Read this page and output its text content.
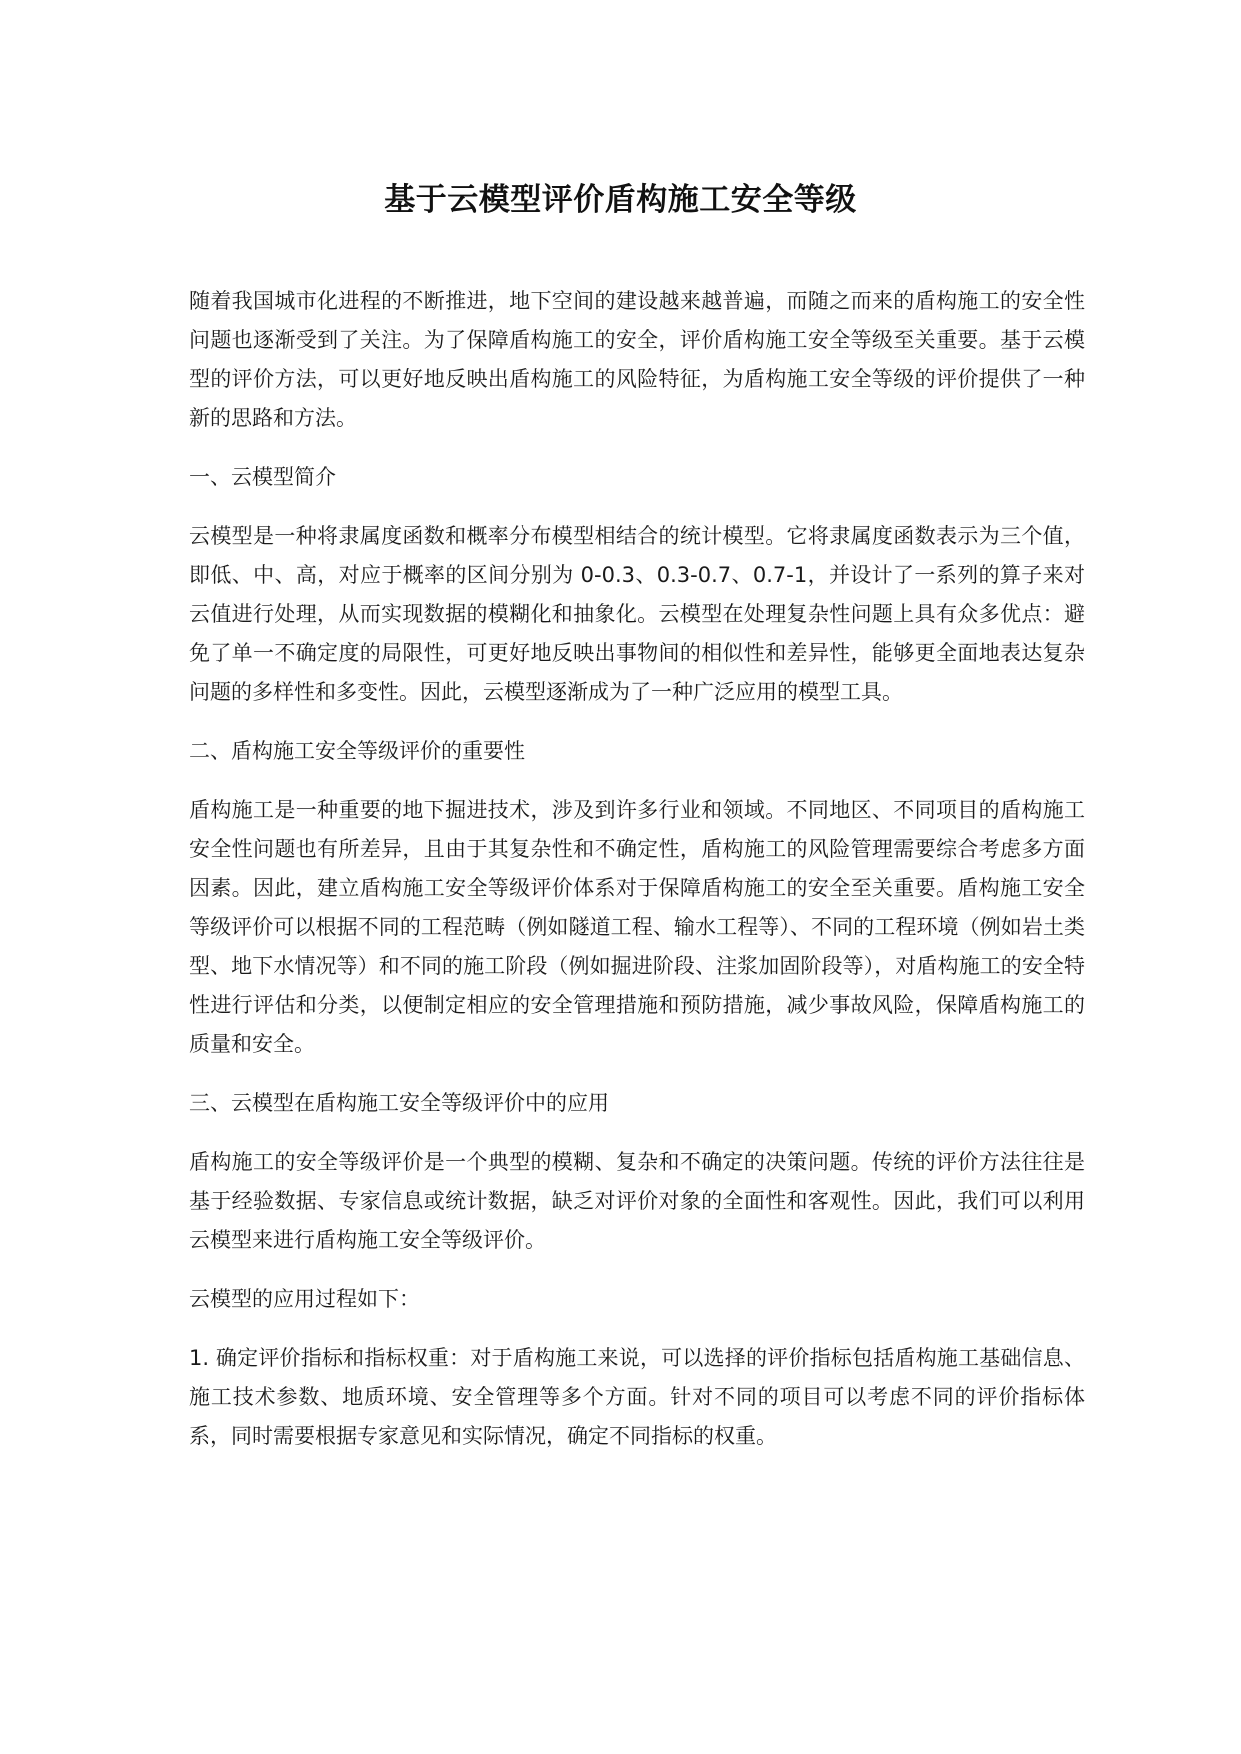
基于云模型评价盾构施工安全等级

随着我国城市化进程的不断推进，地下空间的建设越来越普遍，而随之而来的盾构施工的安全性问题也逐渐受到了关注。为了保障盾构施工的安全，评价盾构施工安全等级至关重要。基于云模型的评价方法，可以更好地反映出盾构施工的风险特征，为盾构施工安全等级的评价提供了一种新的思路和方法。

一、云模型简介

云模型是一种将隶属度函数和概率分布模型相结合的统计模型。它将隶属度函数表示为三个值，即低、中、高，对应于概率的区间分别为 0-0.3、0.3-0.7、0.7-1，并设计了一系列的算子来对云值进行处理，从而实现数据的模糊化和抽象化。云模型在处理复杂性问题上具有众多优点：避免了单一不确定度的局限性，可更好地反映出事物间的相似性和差异性，能够更全面地表达复杂问题的多样性和多变性。因此，云模型逐渐成为了一种广泛应用的模型工具。

二、盾构施工安全等级评价的重要性

盾构施工是一种重要的地下掘进技术，涉及到许多行业和领域。不同地区、不同项目的盾构施工安全性问题也有所差异，且由于其复杂性和不确定性，盾构施工的风险管理需要综合考虑多方面因素。因此，建立盾构施工安全等级评价体系对于保障盾构施工的安全至关重要。盾构施工安全等级评价可以根据不同的工程范畴（例如隧道工程、输水工程等）、不同的工程环境（例如岩土类型、地下水情况等）和不同的施工阶段（例如掘进阶段、注浆加固阶段等），对盾构施工的安全特性进行评估和分类，以便制定相应的安全管理措施和预防措施，减少事故风险，保障盾构施工的质量和安全。

三、云模型在盾构施工安全等级评价中的应用

盾构施工的安全等级评价是一个典型的模糊、复杂和不确定的决策问题。传统的评价方法往往是基于经验数据、专家信息或统计数据，缺乏对评价对象的全面性和客观性。因此，我们可以利用云模型来进行盾构施工安全等级评价。

云模型的应用过程如下：

1. 确定评价指标和指标权重：对于盾构施工来说，可以选择的评价指标包括盾构施工基础信息、施工技术参数、地质环境、安全管理等多个方面。针对不同的项目可以考虑不同的评价指标体系，同时需要根据专家意见和实际情况，确定不同指标的权重。
